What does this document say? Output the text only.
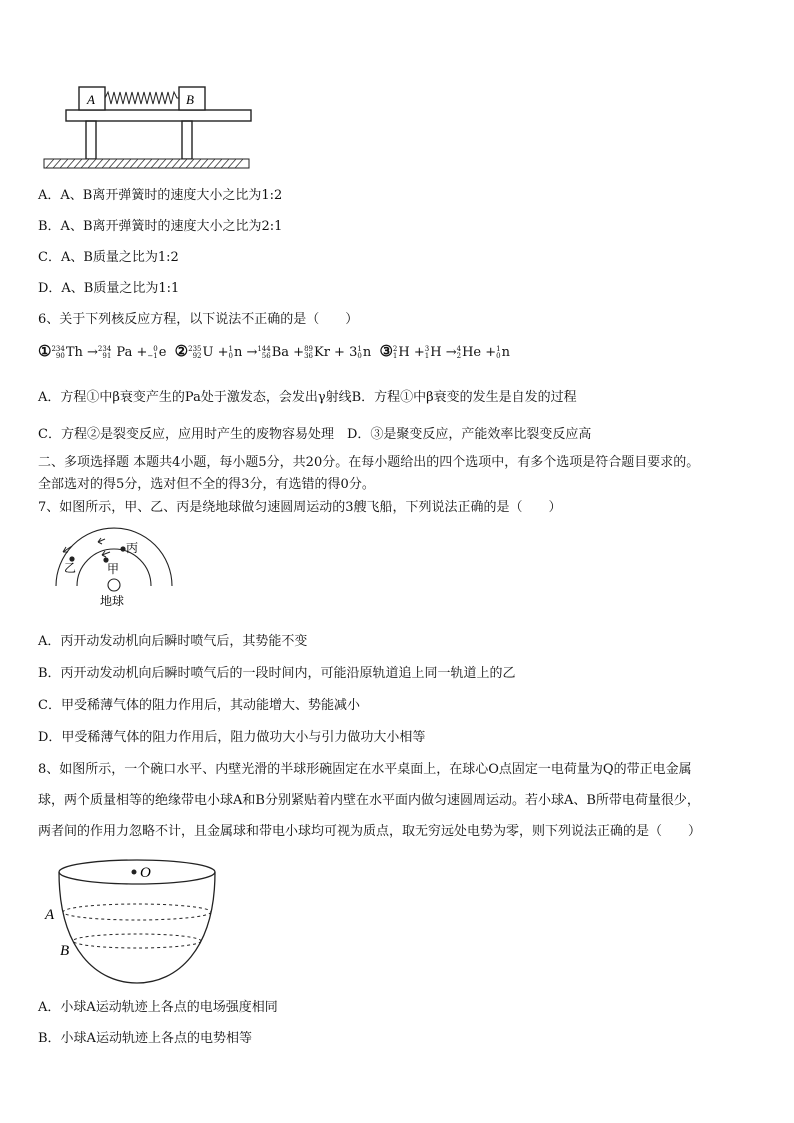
A	B
A．A、B离开弹簧时的速度大小之比为1:2
B．A、B离开弹簧时的速度大小之比为2:1
C．A、B质量之比为1:2
D．A、B质量之比为1:1
6、关于下列核反应方程，以下说法不正确的是（　　）
① 234
90 Th → 234
91 Pa + 0
−1 e  ② 235
92 U + 1
0 n → 144
56 Ba + 89
36 Kr + 3 1
0 n  ③ 2
1 H + 3
1 H → 4
2 He + 1
0 n
A．方程①中β衰变产生的Pa处于激发态，会发出γ射线B．方程①中β衰变的发生是自发的过程
C．方程②是裂变反应，应用时产生的废物容易处理　D．③是聚变反应，产能效率比裂变反应高
二、多项选择题 本题共4小题，每小题5分，共20分。在每小题给出的四个选项中，有多个选项是符合题目要求的。
全部选对的得5分，选对但不全的得3分，有选错的得0分。
7、如图所示，甲、乙、丙是绕地球做匀速圆周运动的3艘飞船，下列说法正确的是（　　）
丙
乙	甲
地球
A．丙开动发动机向后瞬时喷气后，其势能不变
B．丙开动发动机向后瞬时喷气后的一段时间内，可能沿原轨道追上同一轨道上的乙
C．甲受稀薄气体的阻力作用后，其动能增大、势能减小
D．甲受稀薄气体的阻力作用后，阻力做功大小与引力做功大小相等
8、如图所示，一个碗口水平、内壁光滑的半球形碗固定在水平桌面上，在球心O点固定一电荷量为Q的带正电金属
球，两个质量相等的绝缘带电小球A和B分别紧贴着内壁在水平面内做匀速圆周运动。若小球A、B所带电荷量很少，
两者间的作用力忽略不计，且金属球和带电小球均可视为质点，取无穷远处电势为零，则下列说法正确的是（　　）
O
A
B
A．小球A运动轨迹上各点的电场强度相同
B．小球A运动轨迹上各点的电势相等
